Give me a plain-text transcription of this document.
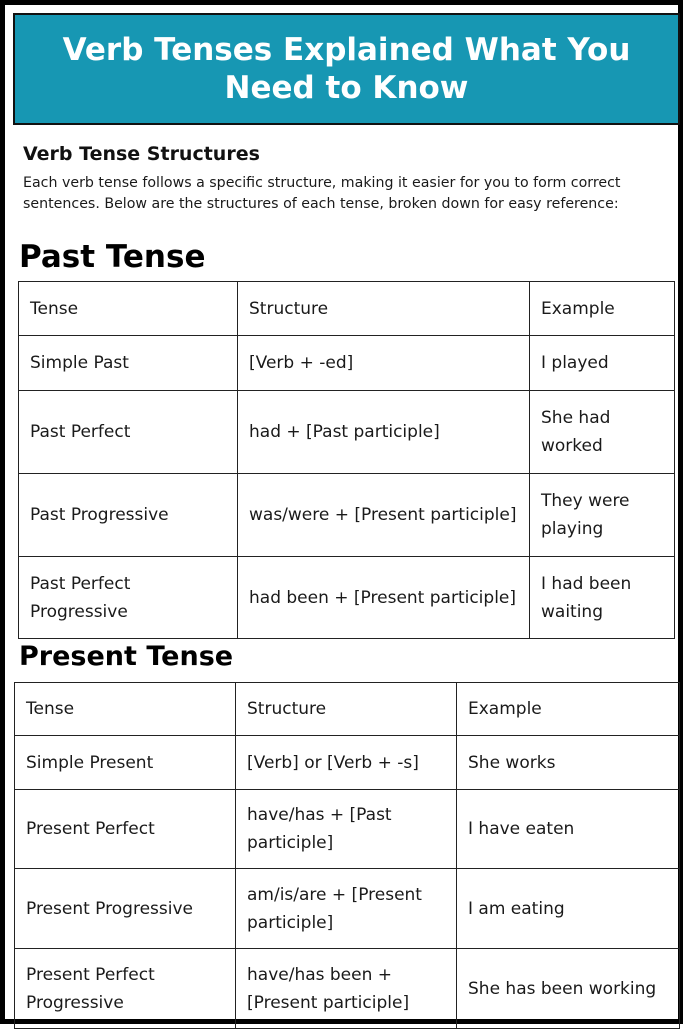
Verb Tenses Explained What You Need to Know
Verb Tense Structures

Each verb tense follows a specific structure, making it easier for you to form correct sentences. Below are the structures of each tense, broken down for easy reference:

Past Tense
Tense	Structure	Example
Simple Past	[Verb + -ed]	I played
Past Perfect	had + [Past participle]	She had worked
Past Progressive	was/were + [Present participle]	They were playing
Past Perfect Progressive	had been + [Present participle]	I had been waiting
Present Tense
Tense	Structure	Example
Simple Present	[Verb] or [Verb + -s]	She works
Present Perfect	have/has + [Past participle]	I have eaten
Present Progressive	am/is/are + [Present participle]	I am eating
Present Perfect Progressive	have/has been + [Present participle]	She has been working
